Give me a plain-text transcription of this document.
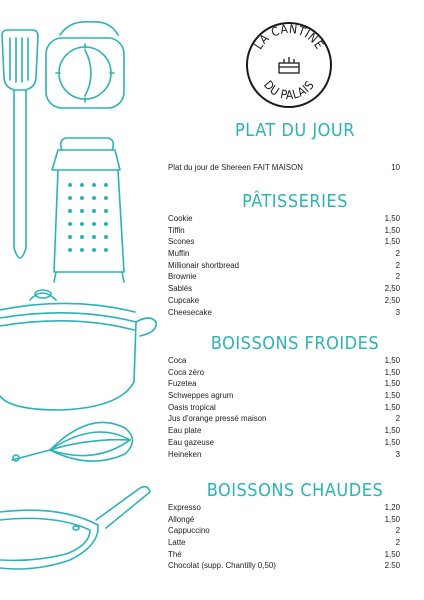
LA CANTINE
DU PALAIS
PLAT DU JOUR
Plat du jour de Shereen FAIT MAISON	10
PÂTISSERIES
Cookie	1,50
Tiffin	1,50
Scones	1,50
Muffin	2
Millionair shortbread	2
Brownie	2
Sablés	2,50
Cupcake	2,50
Cheesecake	3
BOISSONS FROIDES
Coca	1,50
Coca zéro	1,50
Fuzetea	1,50
Schweppes agrum	1,50
Oasis tropical	1,50
Jus d'orange pressé maison	2
Eau plate	1,50
Eau gazeuse	1,50
Heineken	3
BOISSONS CHAUDES
Expresso	1,20
Allongé	1,50
Cappuccino	2
Latte	2
Thé	1,50
Chocolat (supp. Chantilly 0,50)	2.50
